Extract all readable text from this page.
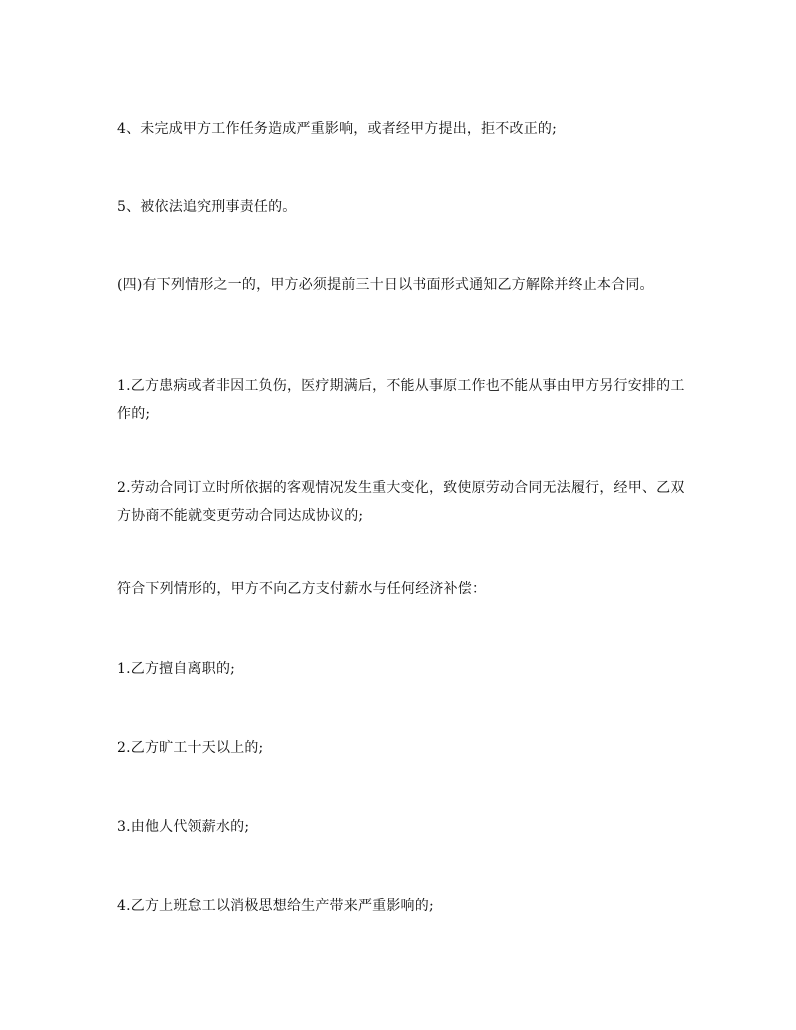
4、未完成甲方工作任务造成严重影响，或者经甲方提出，拒不改正的;

5、被依法追究刑事责任的。

(四)有下列情形之一的，甲方必须提前三十日以书面形式通知乙方解除并终止本合同。

1.乙方患病或者非因工负伤，医疗期满后，不能从事原工作也不能从事由甲方另行安排的工作的;

2.劳动合同订立时所依据的客观情况发生重大变化，致使原劳动合同无法履行，经甲、乙双方协商不能就变更劳动合同达成协议的;

符合下列情形的，甲方不向乙方支付薪水与任何经济补偿：

1.乙方擅自离职的;

2.乙方旷工十天以上的;

3.由他人代领薪水的;

4.乙方上班怠工以消极思想给生产带来严重影响的;
